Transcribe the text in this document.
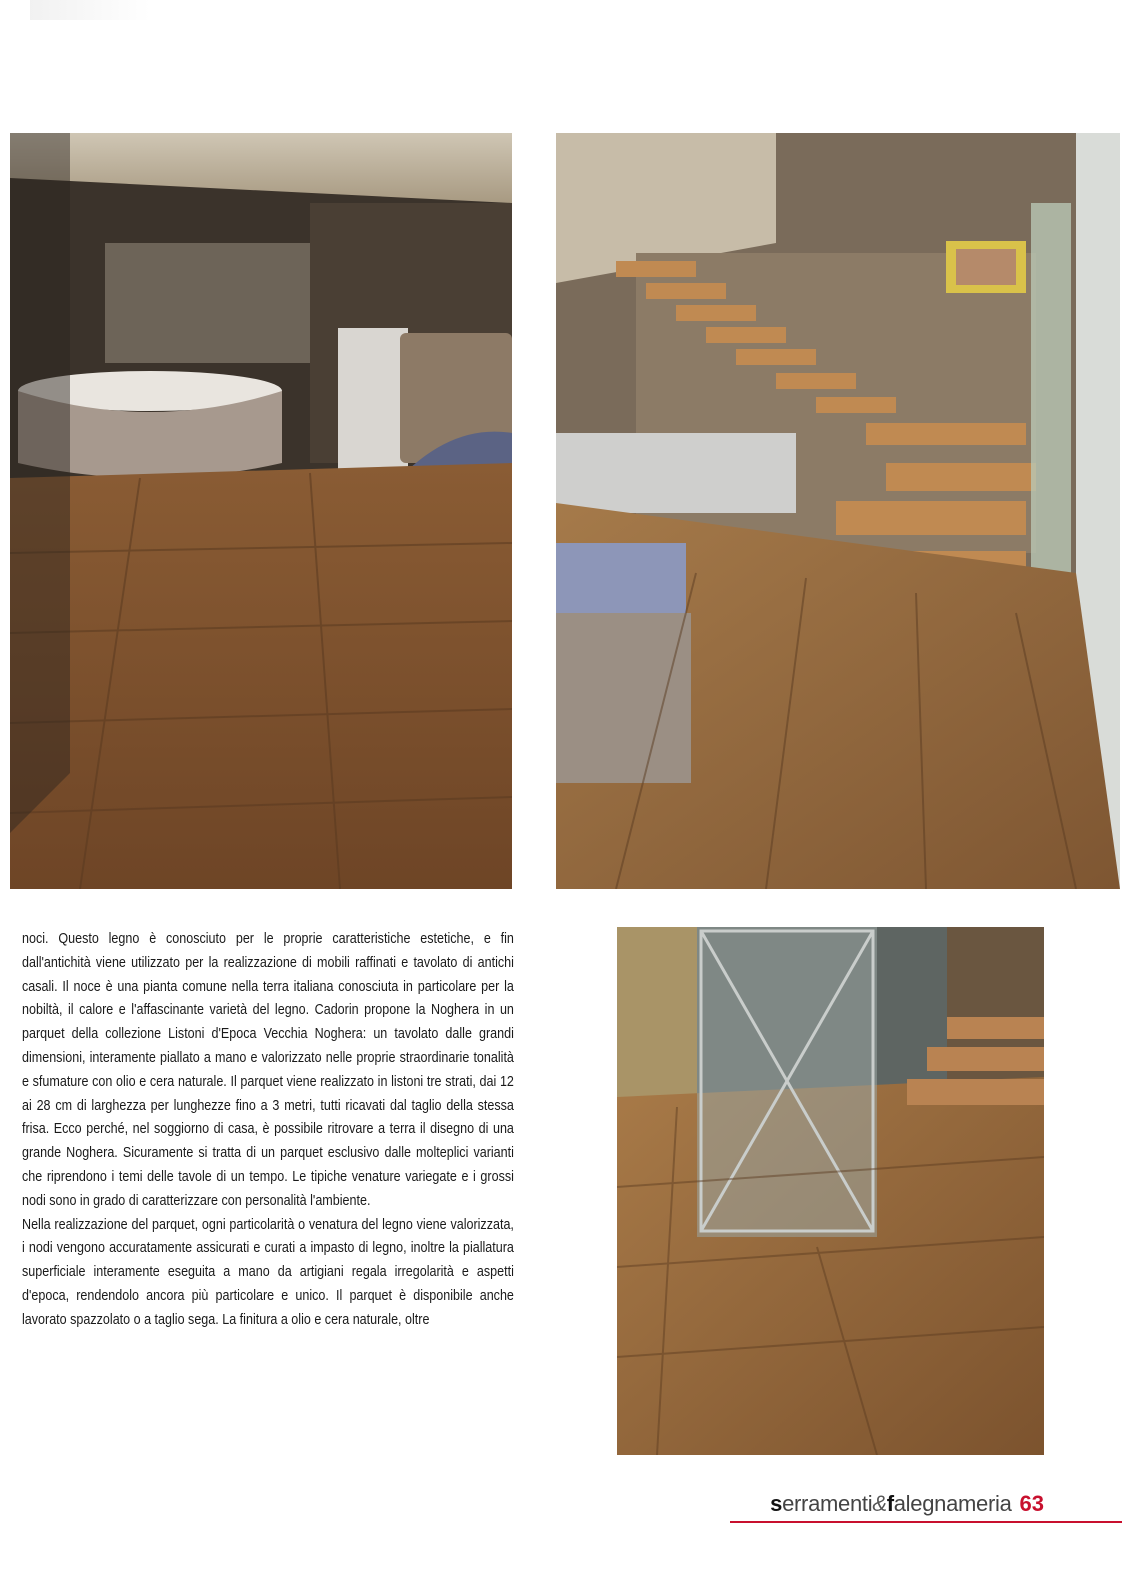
noci. Questo legno è conosciuto per le proprie caratteristiche estetiche, e fin dall'antichità viene utilizzato per la realizzazione di mobili raffinati e tavolato di antichi casali. Il noce è una pianta comune nella terra italiana conosciuta in particolare per la nobiltà, il calore e l'affascinante varietà del legno. Cadorin propone la Noghera in un parquet della collezione Listoni d'Epoca Vecchia Noghera: un tavolato dalle grandi dimensioni, interamente piallato a mano e valorizzato nelle proprie straordinarie tonalità e sfumature con olio e cera naturale. Il parquet viene realizzato in listoni tre strati, dai 12 ai 28 cm di larghezza per lunghezze fino a 3 metri, tutti ricavati dal taglio della stessa frisa. Ecco perché, nel soggiorno di casa, è possibile ritrovare a terra il disegno di una grande Noghera. Sicuramente si tratta di un parquet esclusivo dalle molteplici varianti che riprendono i temi delle tavole di un tempo. Le tipiche venature variegate e i grossi nodi sono in grado di caratterizzare con personalità l'ambiente.

Nella realizzazione del parquet, ogni particolarità o venatura del legno viene valorizzata, i nodi vengono accuratamente assicurati e curati a impasto di legno, inoltre la piallatura superficiale interamente eseguita a mano da artigiani regala irregolarità e aspetti d'epoca, rendendolo ancora più particolare e unico. Il parquet è disponibile anche lavorato spazzolato o a taglio sega. La finitura a olio e cera naturale, oltre

serramenti&falegnameria 63
